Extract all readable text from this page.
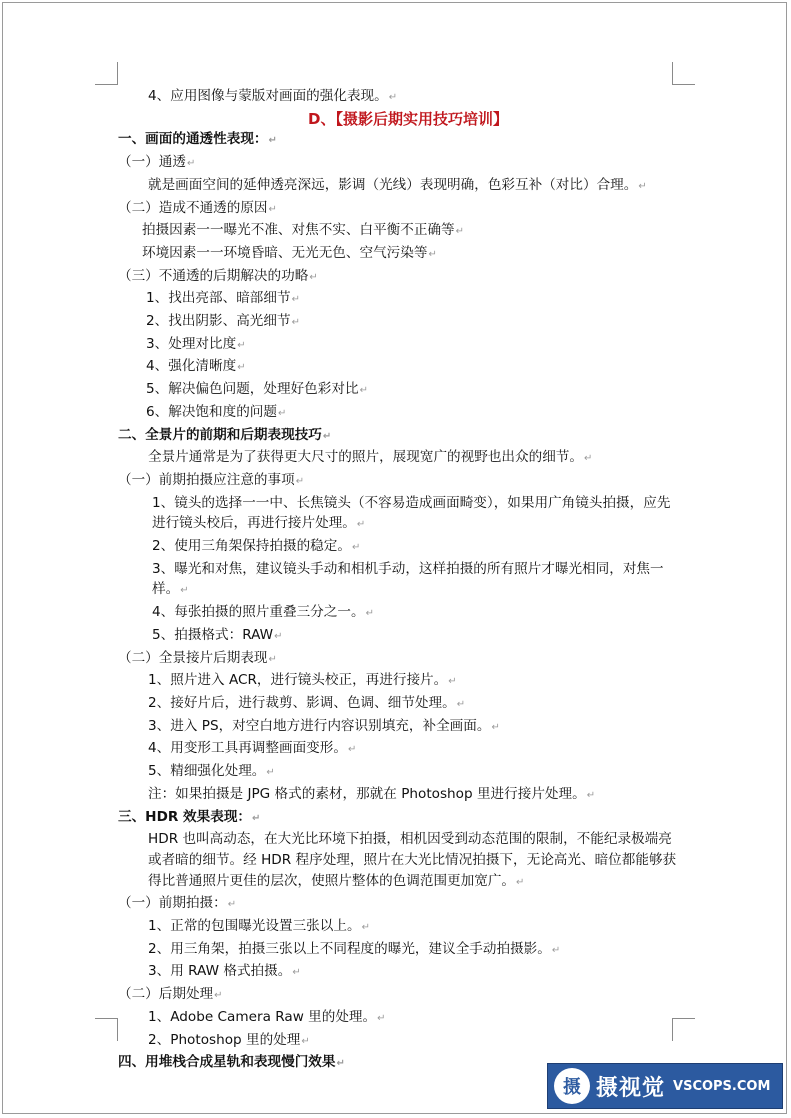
4、应用图像与蒙版对画面的强化表现。↵
D、【摄影后期实用技巧培训】
一、画面的通透性表现：↵
（一）通透↵
就是画面空间的延伸透亮深远，影调（光线）表现明确，色彩互补（对比）合理。↵
（二）造成不通透的原因↵
拍摄因素一一曝光不准、对焦不实、白平衡不正确等↵
环境因素一一环境昏暗、无光无色、空气污染等↵
（三）不通透的后期解决的功略↵
1、找出亮部、暗部细节↵
2、找出阴影、高光细节↵
3、处理对比度↵
4、强化清晰度↵
5、解决偏色问题，处理好色彩对比↵
6、解决饱和度的问题↵
二、全景片的前期和后期表现技巧↵
全景片通常是为了获得更大尺寸的照片，展现宽广的视野也出众的细节。↵
（一）前期拍摄应注意的事项↵
1、镜头的选择一一中、长焦镜头（不容易造成画面畸变），如果用广角镜头拍摄，应先进行镜头校后，再进行接片处理。↵
2、使用三角架保持拍摄的稳定。↵
3、曝光和对焦，建议镜头手动和相机手动，这样拍摄的所有照片才曝光相同，对焦一样。↵
4、每张拍摄的照片重叠三分之一。↵
5、拍摄格式：RAW↵
（二）全景接片后期表现↵
1、照片进入 ACR，进行镜头校正，再进行接片。↵
2、接好片后，进行裁剪、影调、色调、细节处理。↵
3、进入 PS，对空白地方进行内容识别填充，补全画面。↵
4、用变形工具再调整画面变形。↵
5、精细强化处理。↵
注：如果拍摄是 JPG 格式的素材，那就在 Photoshop 里进行接片处理。↵
三、HDR 效果表现：↵
HDR 也叫高动态，在大光比环境下拍摄，相机因受到动态范围的限制，不能纪录极端亮或者暗的细节。经 HDR 程序处理，照片在大光比情况拍摄下，无论高光、暗位都能够获得比普通照片更佳的层次，使照片整体的色调范围更加宽广。↵
（一）前期拍摄：↵
1、正常的包围曝光设置三张以上。↵
2、用三角架，拍摄三张以上不同程度的曝光，建议全手动拍摄影。↵
3、用 RAW 格式拍摄。↵
（二）后期处理↵
1、Adobe Camera Raw 里的处理。↵
2、Photoshop 里的处理↵
四、用堆栈合成星轨和表现慢门效果↵
摄 摄视觉 VSCOPS.COM
